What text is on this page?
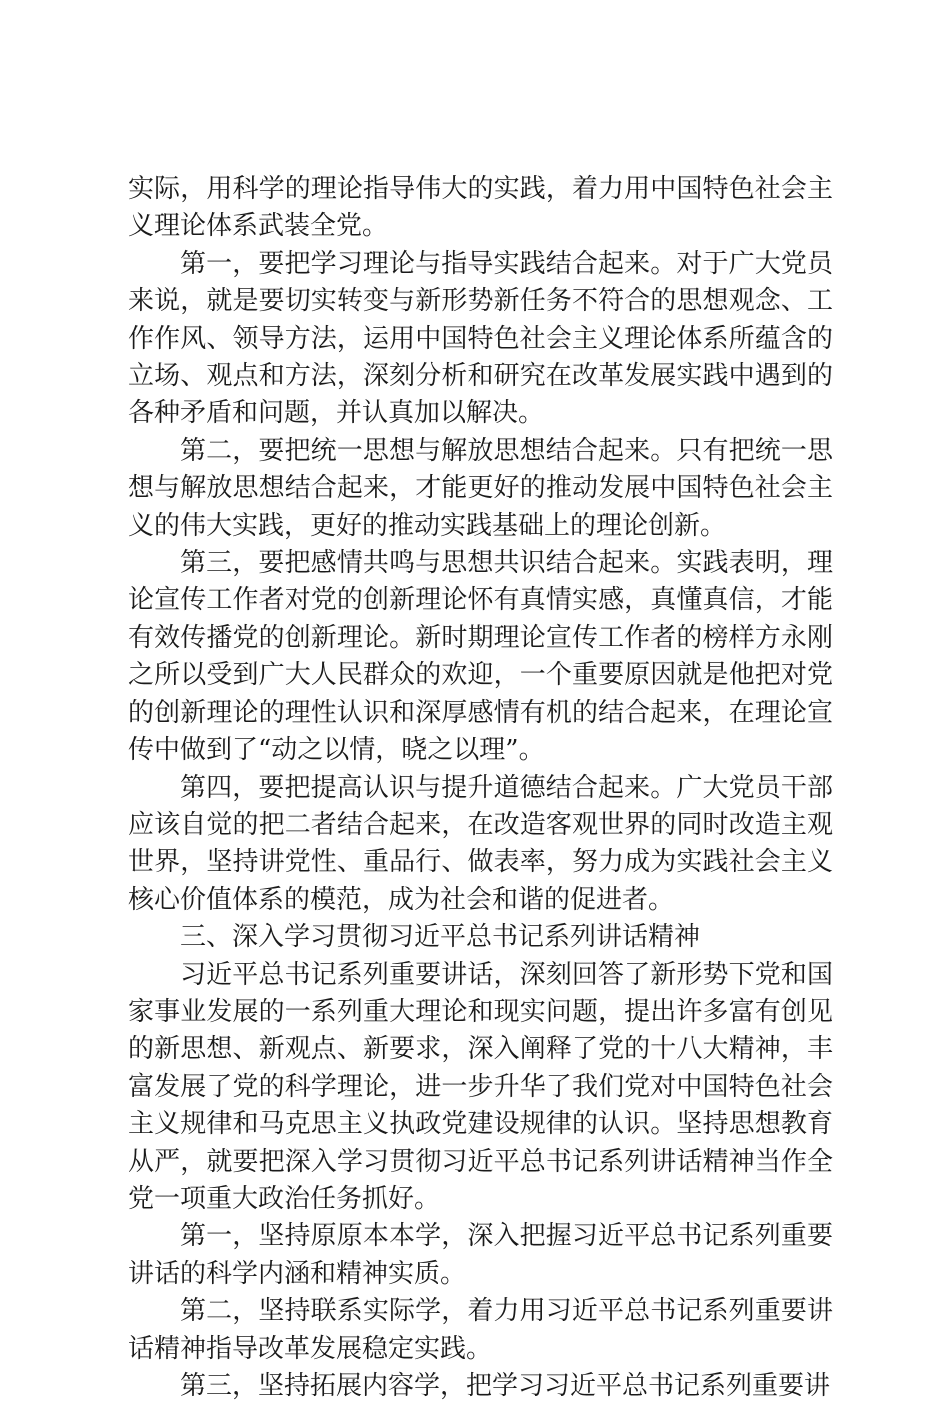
实际，用科学的理论指导伟大的实践，着力用中国特色社会主义理论体系武装全党。

第一，要把学习理论与指导实践结合起来。对于广大党员来说，就是要切实转变与新形势新任务不符合的思想观念、工作作风、领导方法，运用中国特色社会主义理论体系所蕴含的立场、观点和方法，深刻分析和研究在改革发展实践中遇到的各种矛盾和问题，并认真加以解决。

第二，要把统一思想与解放思想结合起来。只有把统一思想与解放思想结合起来，才能更好的推动发展中国特色社会主义的伟大实践，更好的推动实践基础上的理论创新。

第三，要把感情共鸣与思想共识结合起来。实践表明，理论宣传工作者对党的创新理论怀有真情实感，真懂真信，才能有效传播党的创新理论。新时期理论宣传工作者的榜样方永刚之所以受到广大人民群众的欢迎，一个重要原因就是他把对党的创新理论的理性认识和深厚感情有机的结合起来，在理论宣传中做到了“动之以情，晓之以理”。

第四，要把提高认识与提升道德结合起来。广大党员干部应该自觉的把二者结合起来，在改造客观世界的同时改造主观世界，坚持讲党性、重品行、做表率，努力成为实践社会主义核心价值体系的模范，成为社会和谐的促进者。

三、深入学习贯彻习近平总书记系列讲话精神

习近平总书记系列重要讲话，深刻回答了新形势下党和国家事业发展的一系列重大理论和现实问题，提出许多富有创见的新思想、新观点、新要求，深入阐释了党的十八大精神，丰富发展了党的科学理论，进一步升华了我们党对中国特色社会主义规律和马克思主义执政党建设规律的认识。坚持思想教育从严，就要把深入学习贯彻习近平总书记系列讲话精神当作全党一项重大政治任务抓好。

第一，坚持原原本本学，深入把握习近平总书记系列重要讲话的科学内涵和精神实质。

第二，坚持联系实际学，着力用习近平总书记系列重要讲话精神指导改革发展稳定实践。

第三，坚持拓展内容学，把学习习近平总书记系列重要讲
